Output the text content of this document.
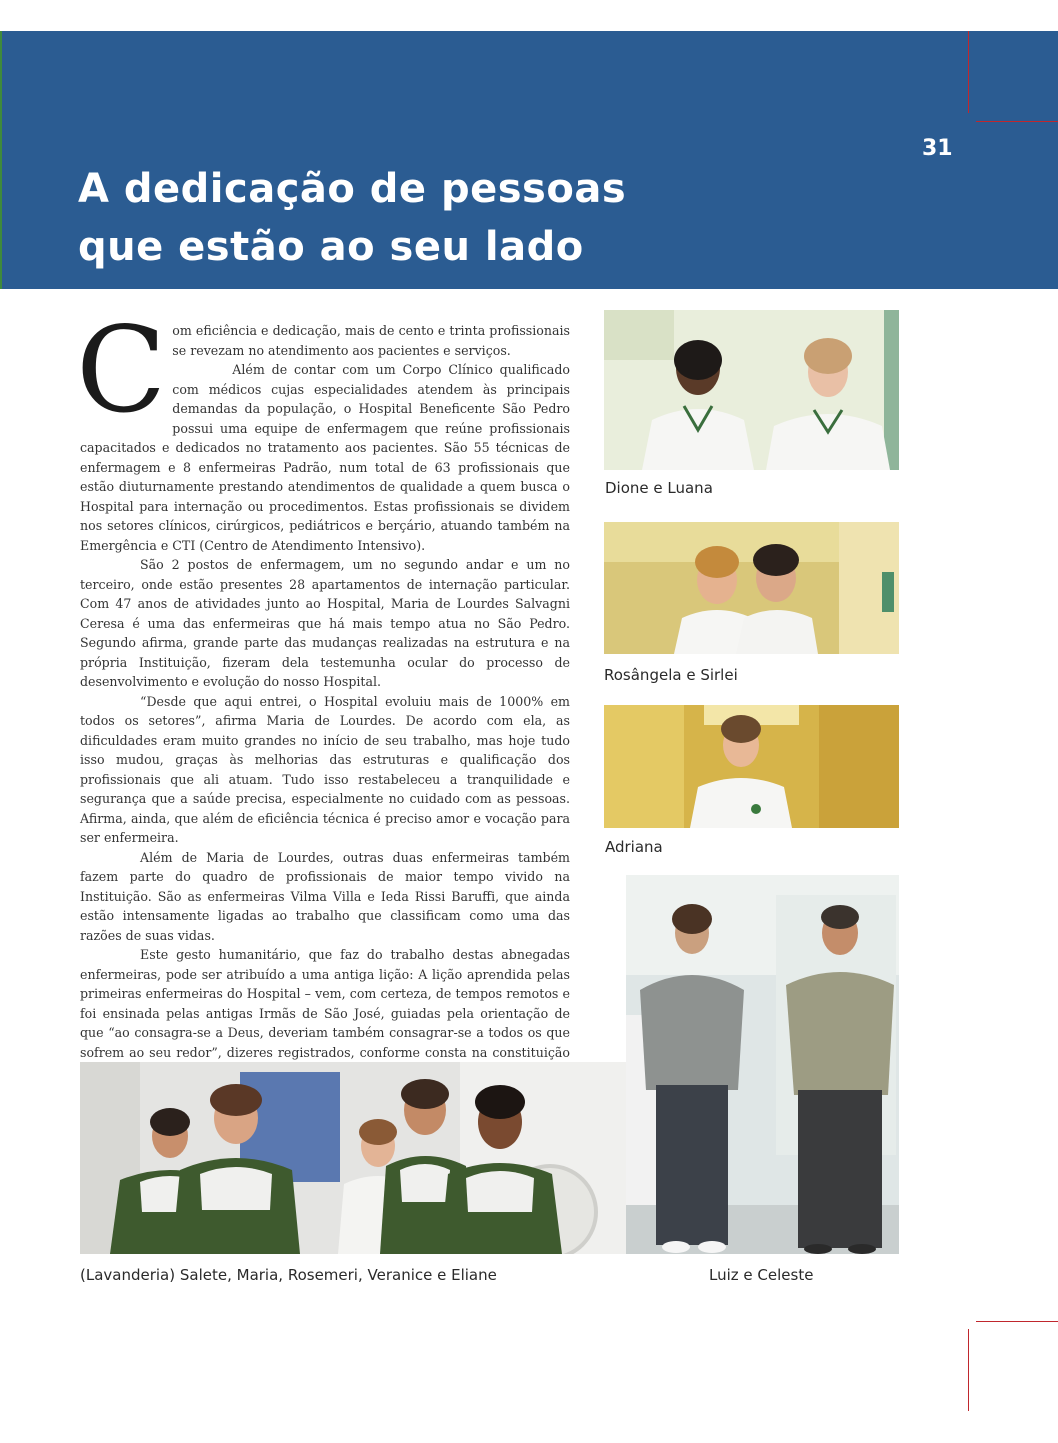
31
A dedicação de pessoas
que estão ao seu lado
C om eficiência e dedicação, mais de cento e trinta profissionais se revezam no atendimento aos pacientes e serviços.

Além de contar com um Corpo Clínico qualificado com médicos cujas especialidades atendem às principais demandas da população, o Hospital Beneficente São Pedro possui uma equipe de enfermagem que reúne profissionais capacitados e dedicados no tratamento aos pacientes. São 55 técnicas de enfermagem e 8 enfermeiras Padrão, num total de 63 profissionais que estão diuturnamente prestando atendimentos de qualidade a quem busca o Hospital para internação ou procedimentos. Estas profissionais se dividem nos setores clínicos, cirúrgicos, pediátricos e berçário, atuando também na Emergência e CTI (Centro de Atendimento Intensivo).

São 2 postos de enfermagem, um no segundo andar e um no terceiro, onde estão presentes 28 apartamentos de internação particular. Com 47 anos de atividades junto ao Hospital, Maria de Lourdes Salvagni Ceresa é uma das enfermeiras que há mais tempo atua no São Pedro. Segundo afirma, grande parte das mudanças realizadas na estrutura e na própria Instituição, fizeram dela testemunha ocular do processo de desenvolvimento e evolução do nosso Hospital.

“Desde que aqui entrei, o Hospital evoluiu mais de 1000% em todos os setores”, afirma Maria de Lourdes. De acordo com ela, as dificuldades eram muito grandes no início de seu trabalho, mas hoje tudo isso mudou, graças às melhorias das estruturas e qualificação dos profissionais que ali atuam. Tudo isso restabeleceu a tranquilidade e segurança que a saúde precisa, especialmente no cuidado com as pessoas. Afirma, ainda, que além de eficiência técnica é preciso amor e vocação para ser enfermeira.

Além de Maria de Lourdes, outras duas enfermeiras também fazem parte do quadro de profissionais de maior tempo vivido na Instituição. São as enfermeiras Vilma Villa e Ieda Rissi Baruffi, que ainda estão intensamente ligadas ao trabalho que classificam como uma das razões de suas vidas.

Este gesto humanitário, que faz do trabalho destas abnegadas enfermeiras, pode ser atribuído a uma antiga lição: A lição aprendida pelas primeiras enfermeiras do Hospital – vem, com certeza, de tempos remotos e foi ensinada pelas antigas Irmãs de São José, guiadas pela orientação de que “ao consagra-se a Deus, deveriam também consagrar-se a todos os que sofrem ao seu redor”, dizeres registrados, conforme consta na constituição

Dione e Luana
Rosângela e Sirlei
Adriana
Luiz e Celeste
(Lavanderia) Salete, Maria, Rosemeri, Veranice e Eliane
